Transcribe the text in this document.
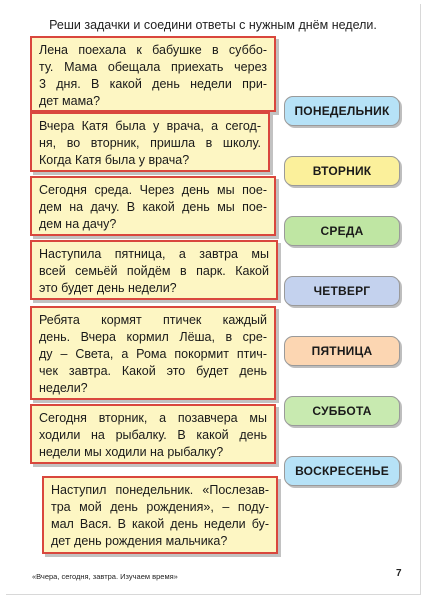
Реши задачки и соедини ответы с нужным днём недели.
Лена поехала к бабушке в суббо-
ту. Мама обещала приехать через
3 дня. В какой день недели при-
дет мама?
Вчера Катя была у врача, а сегод-
ня, во вторник, пришла в школу.
Когда Катя была у врача?
Сегодня среда. Через день мы пое-
дем на дачу. В какой день мы пое-
дем на дачу?
Наступила пятница, а завтра мы
всей семьёй пойдём в парк. Какой
это будет день недели?
Ребята кормят птичек каждый
день. Вчера кормил Лёша, в сре-
ду – Света, а Рома покормит птич-
чек завтра. Какой это будет день
недели?
Сегодня вторник, а позавчера мы
ходили на рыбалку. В какой день
недели мы ходили на рыбалку?
Наступил понедельник. «Послезав-
тра мой день рождения», – поду-
мал Вася. В какой день недели бу-
дет день рождения мальчика?
ПОНЕДЕЛЬНИК
ВТОРНИК
СРЕДА
ЧЕТВЕРГ
ПЯТНИЦА
СУББОТА
ВОСКРЕСЕНЬЕ
«Вчера, сегодня, завтра. Изучаем время»	7
